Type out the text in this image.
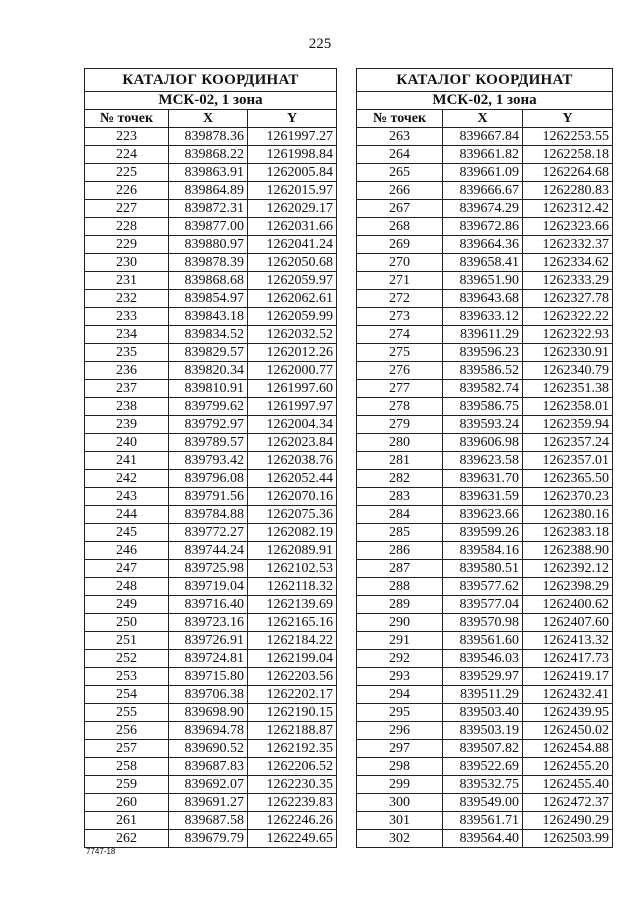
225
КАТАЛОГ КООРДИНАТ		
МСК-02, 1 зона		
№ точек	X	Y
223	839878.36	1261997.27
224	839868.22	1261998.84
225	839863.91	1262005.84
226	839864.89	1262015.97
227	839872.31	1262029.17
228	839877.00	1262031.66
229	839880.97	1262041.24
230	839878.39	1262050.68
231	839868.68	1262059.97
232	839854.97	1262062.61
233	839843.18	1262059.99
234	839834.52	1262032.52
235	839829.57	1262012.26
236	839820.34	1262000.77
237	839810.91	1261997.60
238	839799.62	1261997.97
239	839792.97	1262004.34
240	839789.57	1262023.84
241	839793.42	1262038.76
242	839796.08	1262052.44
243	839791.56	1262070.16
244	839784.88	1262075.36
245	839772.27	1262082.19
246	839744.24	1262089.91
247	839725.98	1262102.53
248	839719.04	1262118.32
249	839716.40	1262139.69
250	839723.16	1262165.16
251	839726.91	1262184.22
252	839724.81	1262199.04
253	839715.80	1262203.56
254	839706.38	1262202.17
255	839698.90	1262190.15
256	839694.78	1262188.87
257	839690.52	1262192.35
258	839687.83	1262206.52
259	839692.07	1262230.35
260	839691.27	1262239.83
261	839687.58	1262246.26
262	839679.79	1262249.65
КАТАЛОГ КООРДИНАТ		
МСК-02, 1 зона		
№ точек	X	Y
263	839667.84	1262253.55
264	839661.82	1262258.18
265	839661.09	1262264.68
266	839666.67	1262280.83
267	839674.29	1262312.42
268	839672.86	1262323.66
269	839664.36	1262332.37
270	839658.41	1262334.62
271	839651.90	1262333.29
272	839643.68	1262327.78
273	839633.12	1262322.22
274	839611.29	1262322.93
275	839596.23	1262330.91
276	839586.52	1262340.79
277	839582.74	1262351.38
278	839586.75	1262358.01
279	839593.24	1262359.94
280	839606.98	1262357.24
281	839623.58	1262357.01
282	839631.70	1262365.50
283	839631.59	1262370.23
284	839623.66	1262380.16
285	839599.26	1262383.18
286	839584.16	1262388.90
287	839580.51	1262392.12
288	839577.62	1262398.29
289	839577.04	1262400.62
290	839570.98	1262407.60
291	839561.60	1262413.32
292	839546.03	1262417.73
293	839529.97	1262419.17
294	839511.29	1262432.41
295	839503.40	1262439.95
296	839503.19	1262450.02
297	839507.82	1262454.88
298	839522.69	1262455.20
299	839532.75	1262455.40
300	839549.00	1262472.37
301	839561.71	1262490.29
302	839564.40	1262503.99
7747-18
